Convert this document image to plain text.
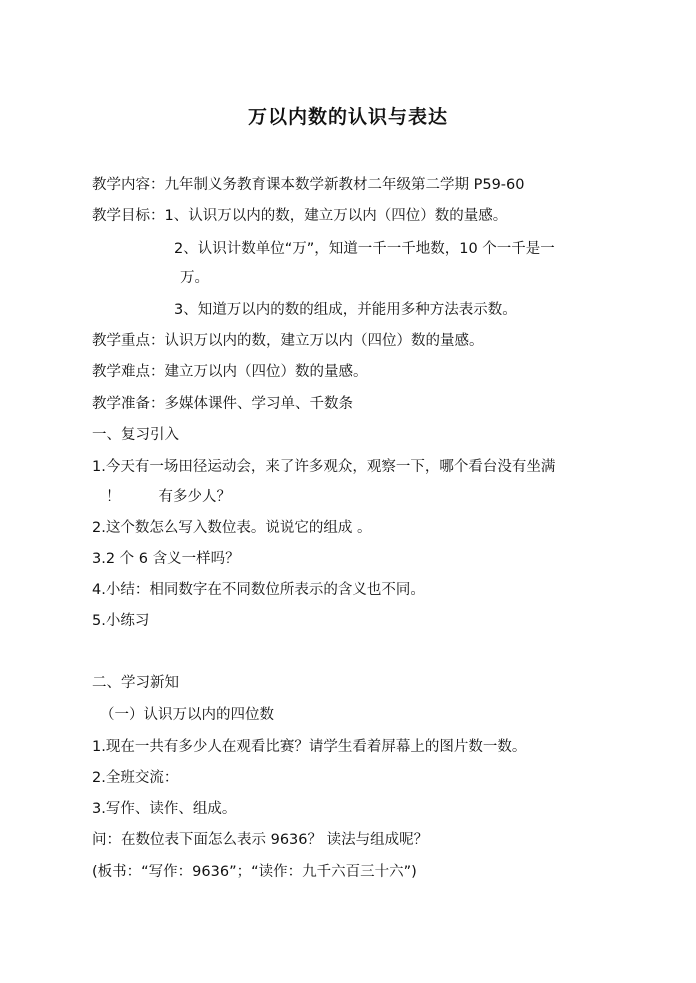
万以内数的认识与表达
教学内容：九年制义务教育课本数学新教材二年级第二学期 P59-60
教学目标：1、认识万以内的数，建立万以内（四位）数的量感。
2、认识计数单位“万”，知道一千一千地数，10 个一千是一
万。
3、知道万以内的数的组成，并能用多种方法表示数。
教学重点：认识万以内的数，建立万以内（四位）数的量感。
教学难点：建立万以内（四位）数的量感。
教学准备：多媒体课件、学习单、千数条
一、复习引入
1.今天有一场田径运动会，来了许多观众，观察一下，哪个看台没有坐满
！	有多少人？
2.这个数怎么写入数位表。说说它的组成 。
3.2 个 6 含义一样吗？
4.小结：相同数字在不同数位所表示的含义也不同。
5.小练习
二、学习新知
（一）认识万以内的四位数
1.现在一共有多少人在观看比赛？请学生看着屏幕上的图片数一数。
2.全班交流：
3.写作、读作、组成。
问：在数位表下面怎么表示 9636？ 读法与组成呢？
(板书：“写作：9636”；“读作：九千六百三十六”)
